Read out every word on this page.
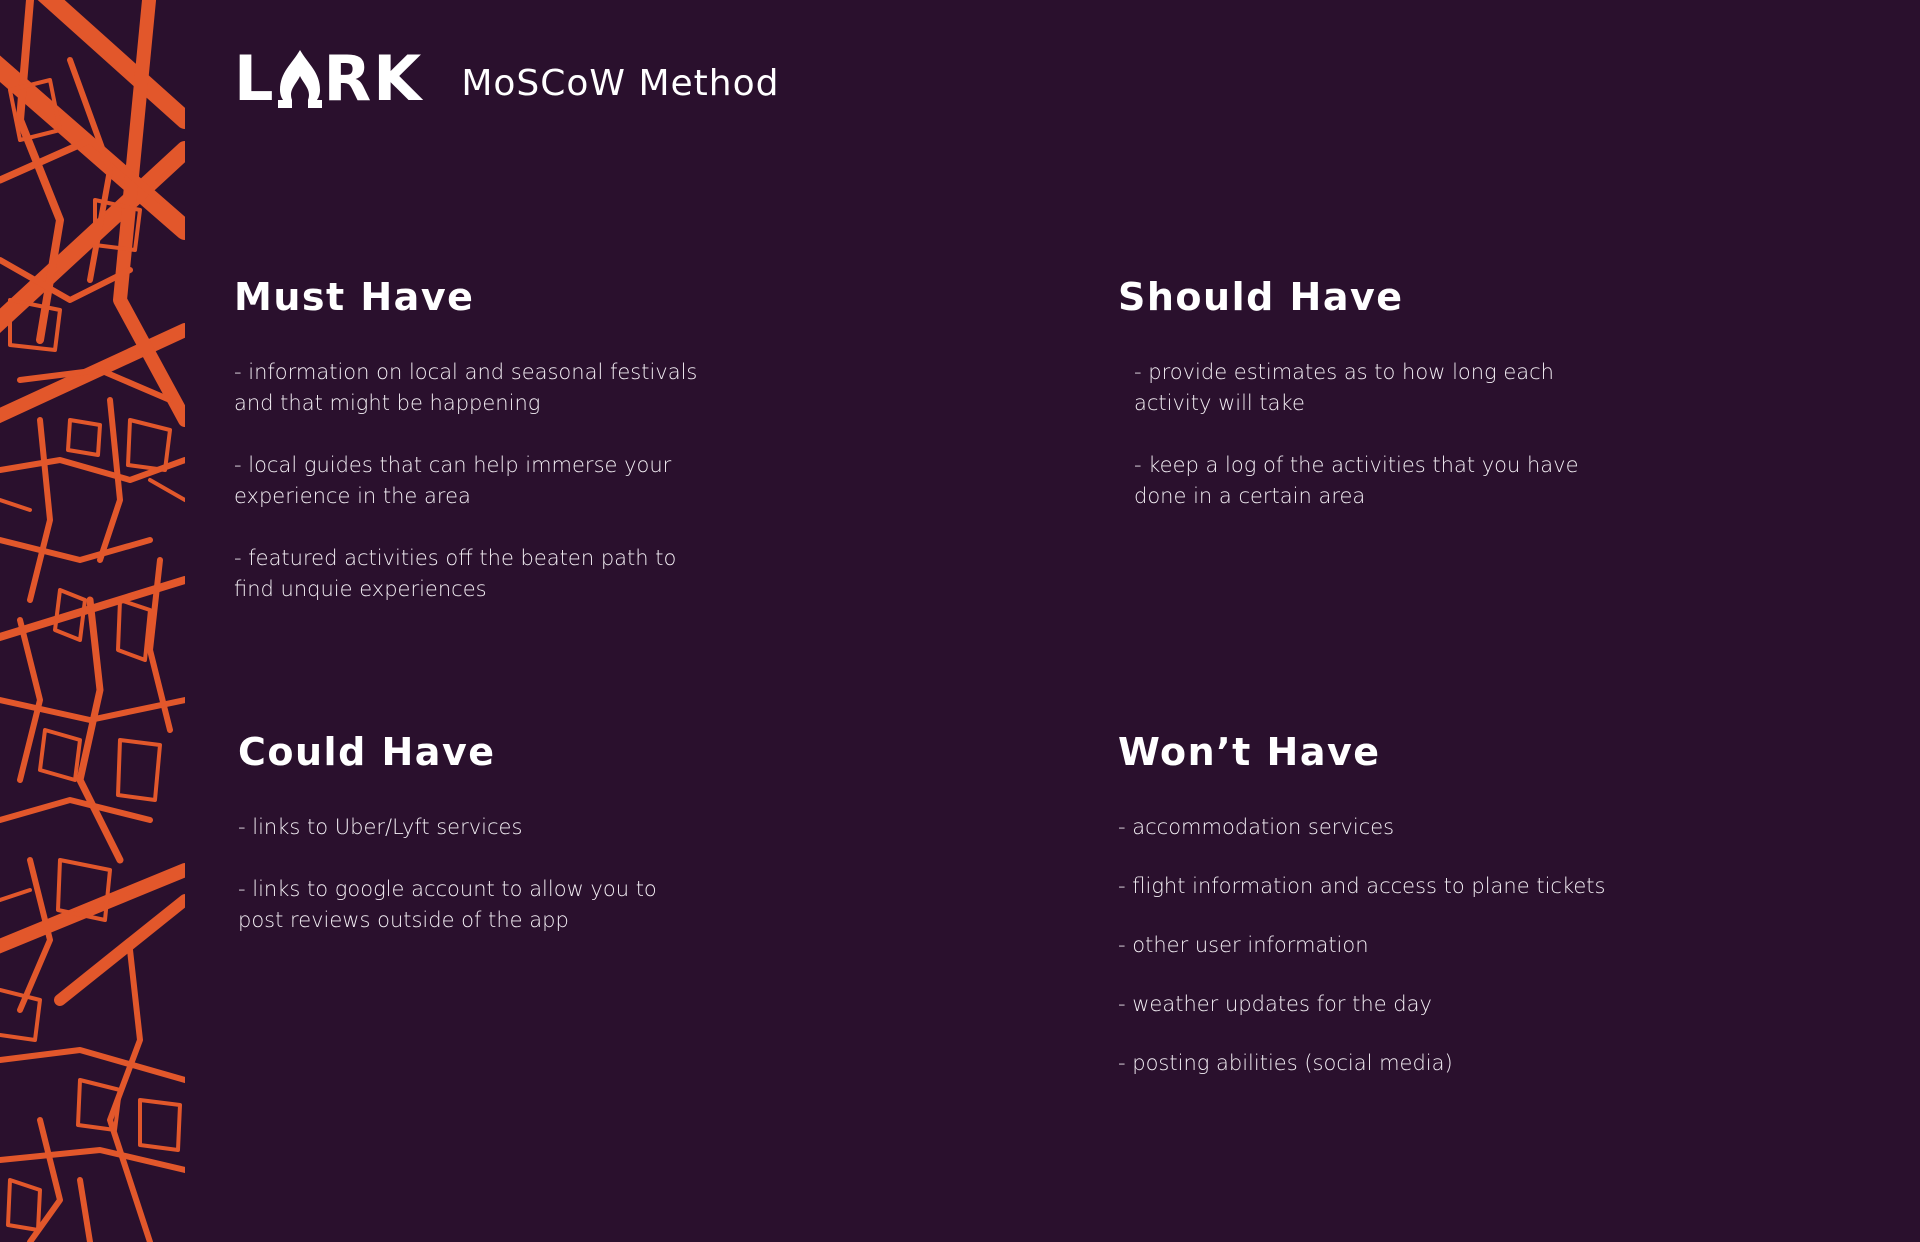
L RK MoSCoW Method
Must Have
- information on local and seasonal festivals
and that might be happening
- local guides that can help immerse your
experience in the area
- featured activities off the beaten path to
find unquie experiences
Should Have
- provide estimates as to how long each
activity will take
- keep a log of the activities that you have
done in a certain area
Could Have
- links to Uber/Lyft services
- links to google account to allow you to
post reviews outside of the app
Won’t Have
- accommodation services
- flight information and access to plane tickets
- other user information
- weather updates for the day
- posting abilities (social media)
